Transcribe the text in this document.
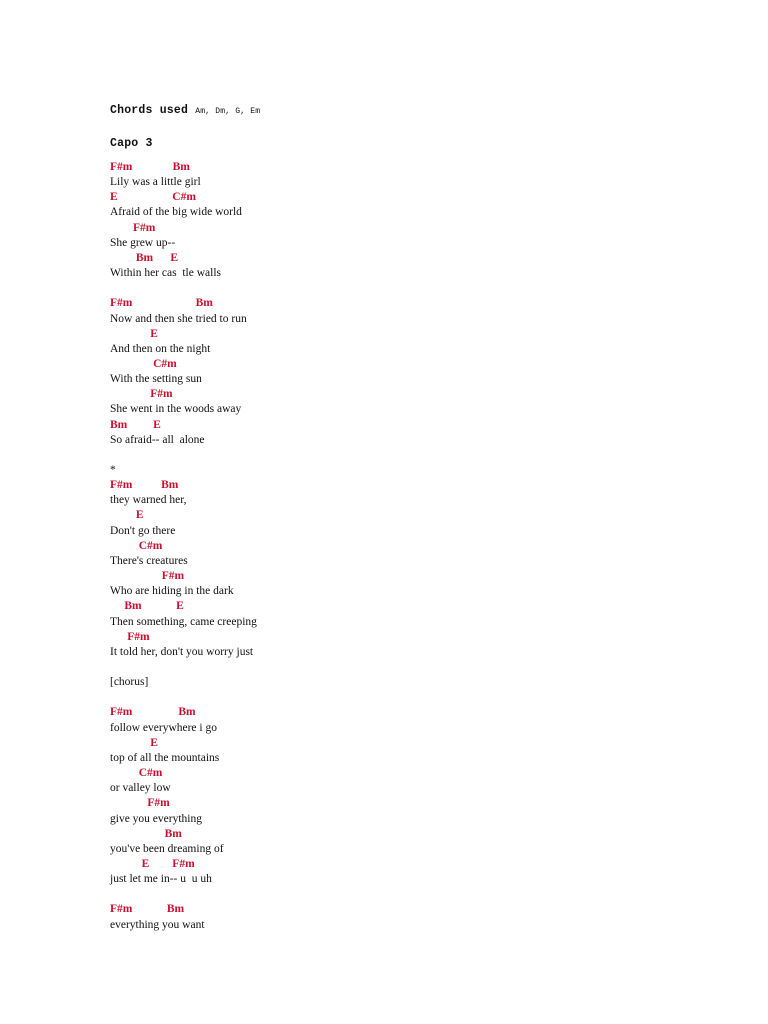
Chords used Am, Dm, G, Em
Capo 3
F#m              Bm
Lily was a little girl
E                   C#m
Afraid of the big wide world
F#m
She grew up--
Bm      E
Within her cas  tle walls
F#m                      Bm
Now and then she tried to run
E
And then on the night
C#m
With the setting sun
F#m
She went in the woods away
Bm         E
So afraid-- all  alone
*
F#m          Bm
they warned her,
E
Don't go there
C#m
There's creatures
F#m
Who are hiding in the dark
Bm            E
Then something, came creeping
F#m
It told her, don't you worry just
[chorus]
F#m                Bm
follow everywhere i go
E
top of all the mountains
C#m
or valley low
F#m
give you everything
Bm
you've been dreaming of
E        F#m
just let me in-- u  u uh
F#m            Bm
everything you want
